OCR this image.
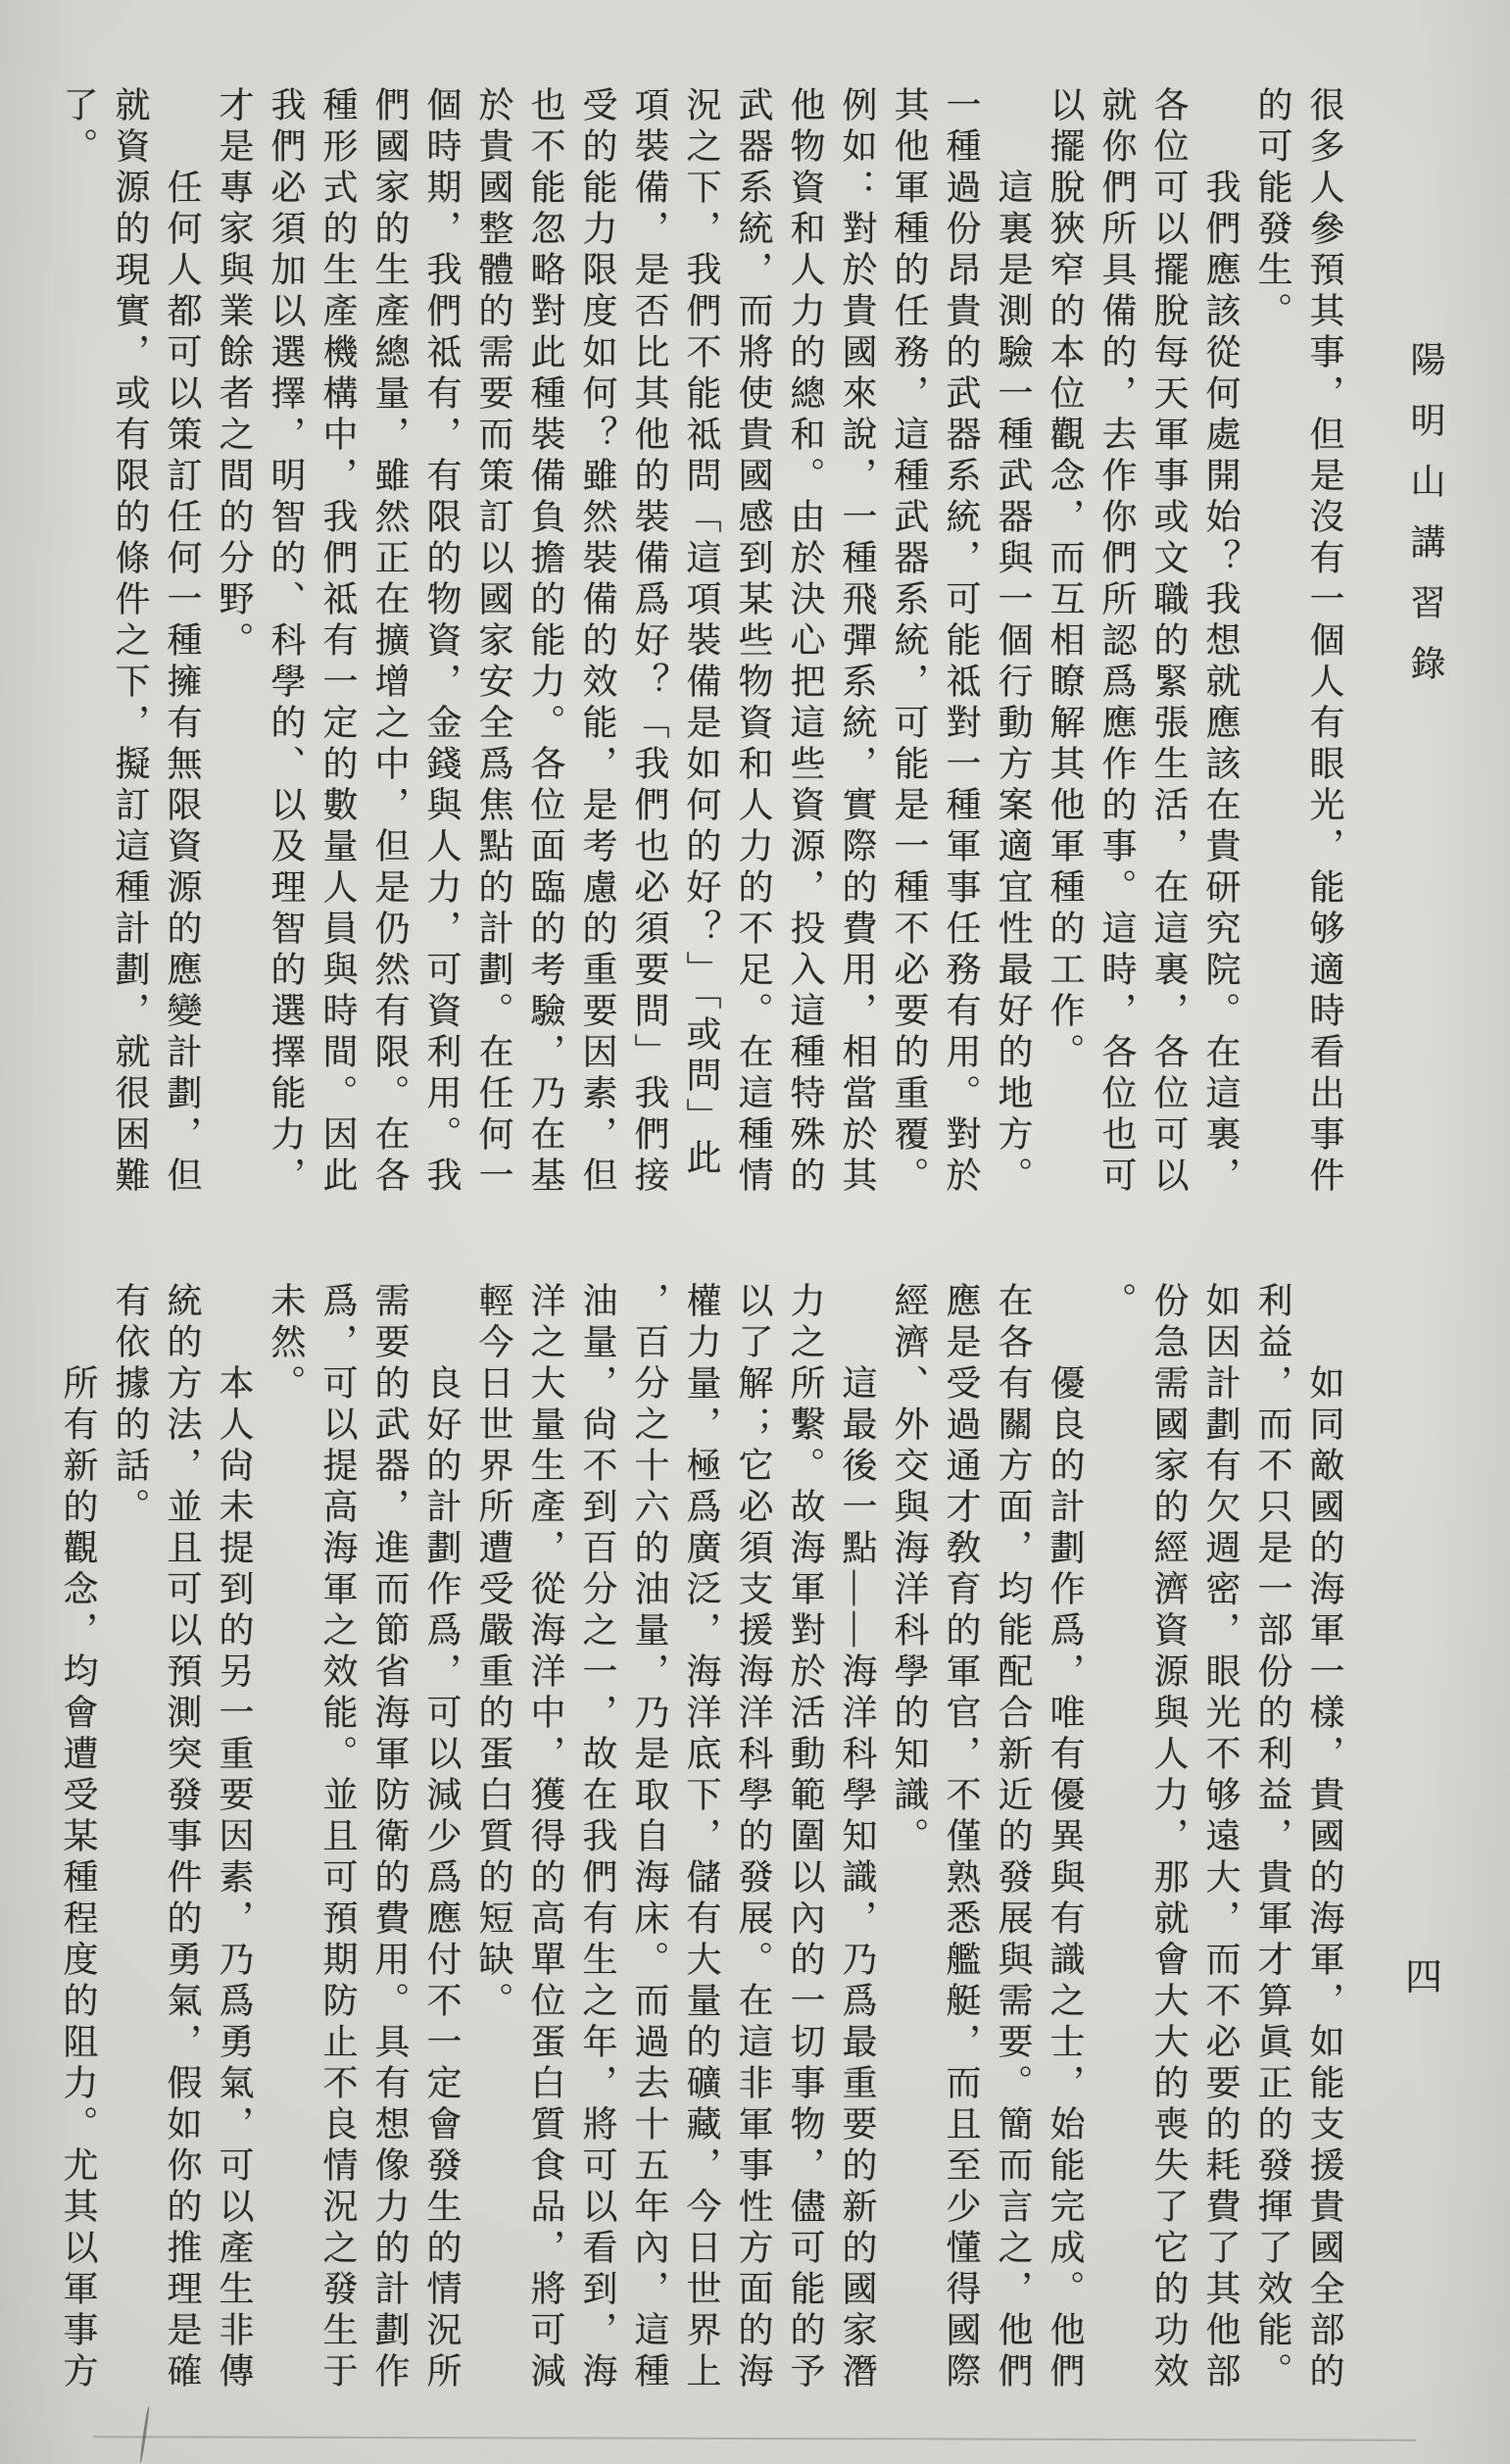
陽明山講習錄
很多人參預其事，但是沒有一個人有眼光，能够適時看出事件
的可能發生。
　　我們應該從何處開始？我想就應該在貴研究院。在這裏，
各位可以擺脫每天軍事或文職的緊張生活，在這裏，各位可以
就你們所具備的，去作你們所認爲應作的事。這時，各位也可
以擺脫狹窄的本位觀念，而互相瞭解其他軍種的工作。
　　這裏是測驗一種武器與一個行動方案適宜性最好的地方。
一種過份昂貴的武器系統，可能祗對一種軍事任務有用。對於
其他軍種的任務，這種武器系統，可能是一種不必要的重覆。
例如：對於貴國來說，一種飛彈系統，實際的費用，相當於其
他物資和人力的總和。由於決心把這些資源，投入這種特殊的
武器系統，而將使貴國感到某些物資和人力的不足。在這種情
況之下，我們不能祗問「這項裝備是如何的好？」「或問」此
項裝備，是否比其他的裝備爲好？「我們也必須要問」我們接
受的能力限度如何？雖然裝備的效能，是考慮的重要因素，但
也不能忽略對此種裝備負擔的能力。各位面臨的考驗，乃在基
於貴國整體的需要而策訂以國家安全爲焦點的計劃。在任何一
個時期，我們祗有，有限的物資，金錢與人力，可資利用。我
們國家的生產總量，雖然正在擴增之中，但是仍然有限。在各
種形式的生產機構中，我們祗有一定的數量人員與時間。因此
我們必須加以選擇，明智的、科學的、以及理智的選擇能力，
才是專家與業餘者之間的分野。
　　任何人都可以策訂任何一種擁有無限資源的應變計劃，但
就資源的現實，或有限的條件之下，擬訂這種計劃，就很困難
了。
　　如同敵國的海軍一樣，貴國的海軍，如能支援貴國全部的
利益，而不只是一部份的利益，貴軍才算眞正的發揮了效能。
如因計劃有欠週密，眼光不够遠大，而不必要的耗費了其他部
份急需國家的經濟資源與人力，那就會大大的喪失了它的功效
。
　　優良的計劃作爲，唯有優異與有識之士，始能完成。他們
在各有關方面，均能配合新近的發展與需要。簡而言之，他們
應是受過通才敎育的軍官，不僅熟悉艦艇，而且至少懂得國際
經濟、外交與海洋科學的知識。
　　這最後一點——海洋科學知識，乃爲最重要的新的國家潛
力之所繫。故海軍對於活動範圍以內的一切事物，儘可能的予
以了解；它必須支援海洋科學的發展。在這非軍事性方面的海
權力量，極爲廣泛，海洋底下，儲有大量的礦藏，今日世界上
，百分之十六的油量，乃是取自海床。而過去十五年內，這種
油量，尙不到百分之一，故在我們有生之年，將可以看到，海
洋之大量生產，從海洋中，獲得的高單位蛋白質食品，將可減
輕今日世界所遭受嚴重的蛋白質的短缺。
　　良好的計劃作爲，可以減少爲應付不一定會發生的情況所
需要的武器，進而節省海軍防衛的費用。具有想像力的計劃作
爲，可以提高海軍之效能。並且可預期防止不良情況之發生于
未然。
　　本人尙未提到的另一重要因素，乃爲勇氣，可以產生非傳
統的方法，並且可以預測突發事件的勇氣，假如你的推理是確
有依據的話。
　　所有新的觀念，均會遭受某種程度的阻力。尤其以軍事方	四
